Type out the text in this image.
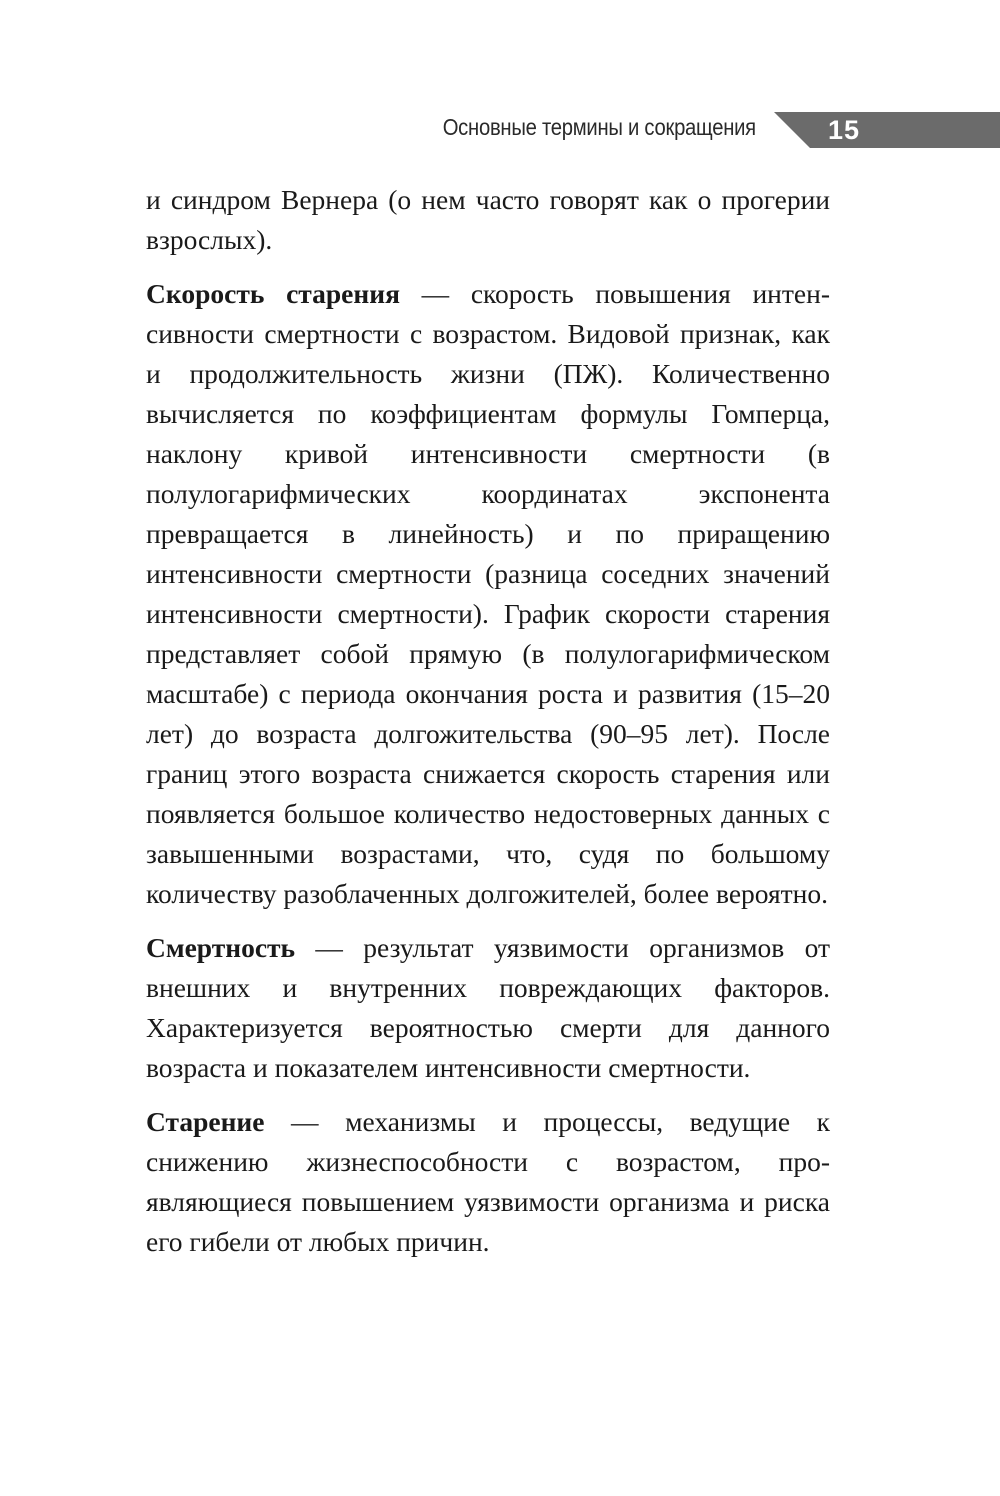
Основные термины и сокращения	15

и синдром Вернера (о нем часто говорят как о прогерии взрослых).

Скорость старения — скорость повышения интенсивности смертности с возрастом. Видовой признак, как и продолжительность жизни (ПЖ). Количественно вычисляется по коэффициентам формулы Гомперца, наклону кривой интенсивности смертности (в полулогарифмических координатах экспонента превращается в линейность) и по приращению интенсивности смертности (разница соседних значений интенсивности смертности). График скорости старения представляет собой прямую (в полулогарифмическом масштабе) с периода окончания роста и развития (15–20 лет) до возраста долгожительства (90–95 лет). После границ этого возраста снижается скорость старения или появляется большое количество недостоверных данных с завышенными возрастами, что, судя по большому количеству разоблаченных долгожителей, более вероятно.

Смертность — результат уязвимости организмов от внешних и внутренних повреждающих факторов. Характеризуется вероятностью смерти для данного возраста и показателем интенсивности смертности.

Старение — механизмы и процессы, ведущие к снижению жизнеспособности с возрастом, проявляющиеся повышением уязвимости организма и риска его гибели от любых причин.
